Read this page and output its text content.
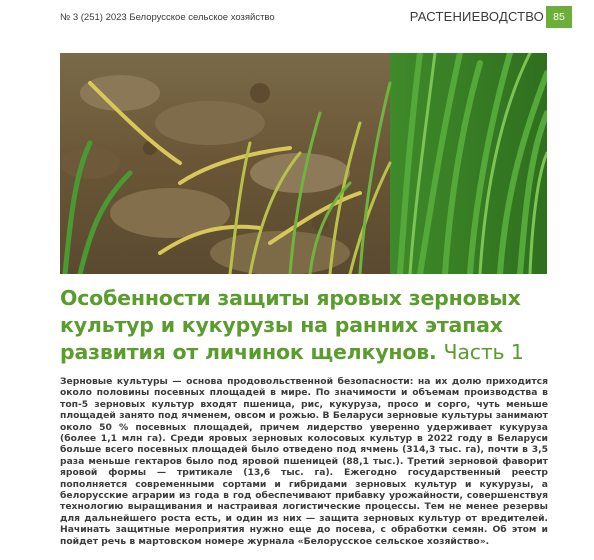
№ 3 (251) 2023 Белорусское сельское хозяйство	РАСТЕНИЕВОДСТВО 85
Особенности защиты яровых зерновых культур и кукурузы на ранних этапах развития от личинок щелкунов. Часть 1

Зерновые культуры — основа продовольственной безопасности: на их долю приходится около половины посевных площадей в мире. По значимости и объемам производства в топ-5 зерновых культур входят пшеница, рис, кукуруза, просо и сорго, чуть меньше площадей занято под ячменем, овсом и рожью. В Беларуси зерновые культуры занимают около 50 % посевных площадей, причем лидерство уверенно удерживает кукуруза (более 1,1 млн га). Среди яровых зерновых колосовых культур в 2022 году в Беларуси больше всего посевных площадей было отведено под ячмень (314,3 тыс. га), почти в 3,5 раза меньше гектаров было под яровой пшеницей (88,1 тыс.). Третий зерновой фаворит яровой формы — тритикале (13,6 тыс. га). Ежегодно государственный реестр пополняется современными сортами и гибридами зерновых культур и кукурузы, а белорусские аграрии из года в год обеспечивают прибавку урожайности, совершенствуя технологию выращивания и настраивая логистические процессы. Тем не менее резервы для дальнейшего роста есть, и один из них — защита зерновых культур от вредителей. Начинать защитные мероприятия нужно еще до посева, с обработки семян. Об этом и пойдет речь в мартовском номере журнала «Белорусское сельское хозяйство».
